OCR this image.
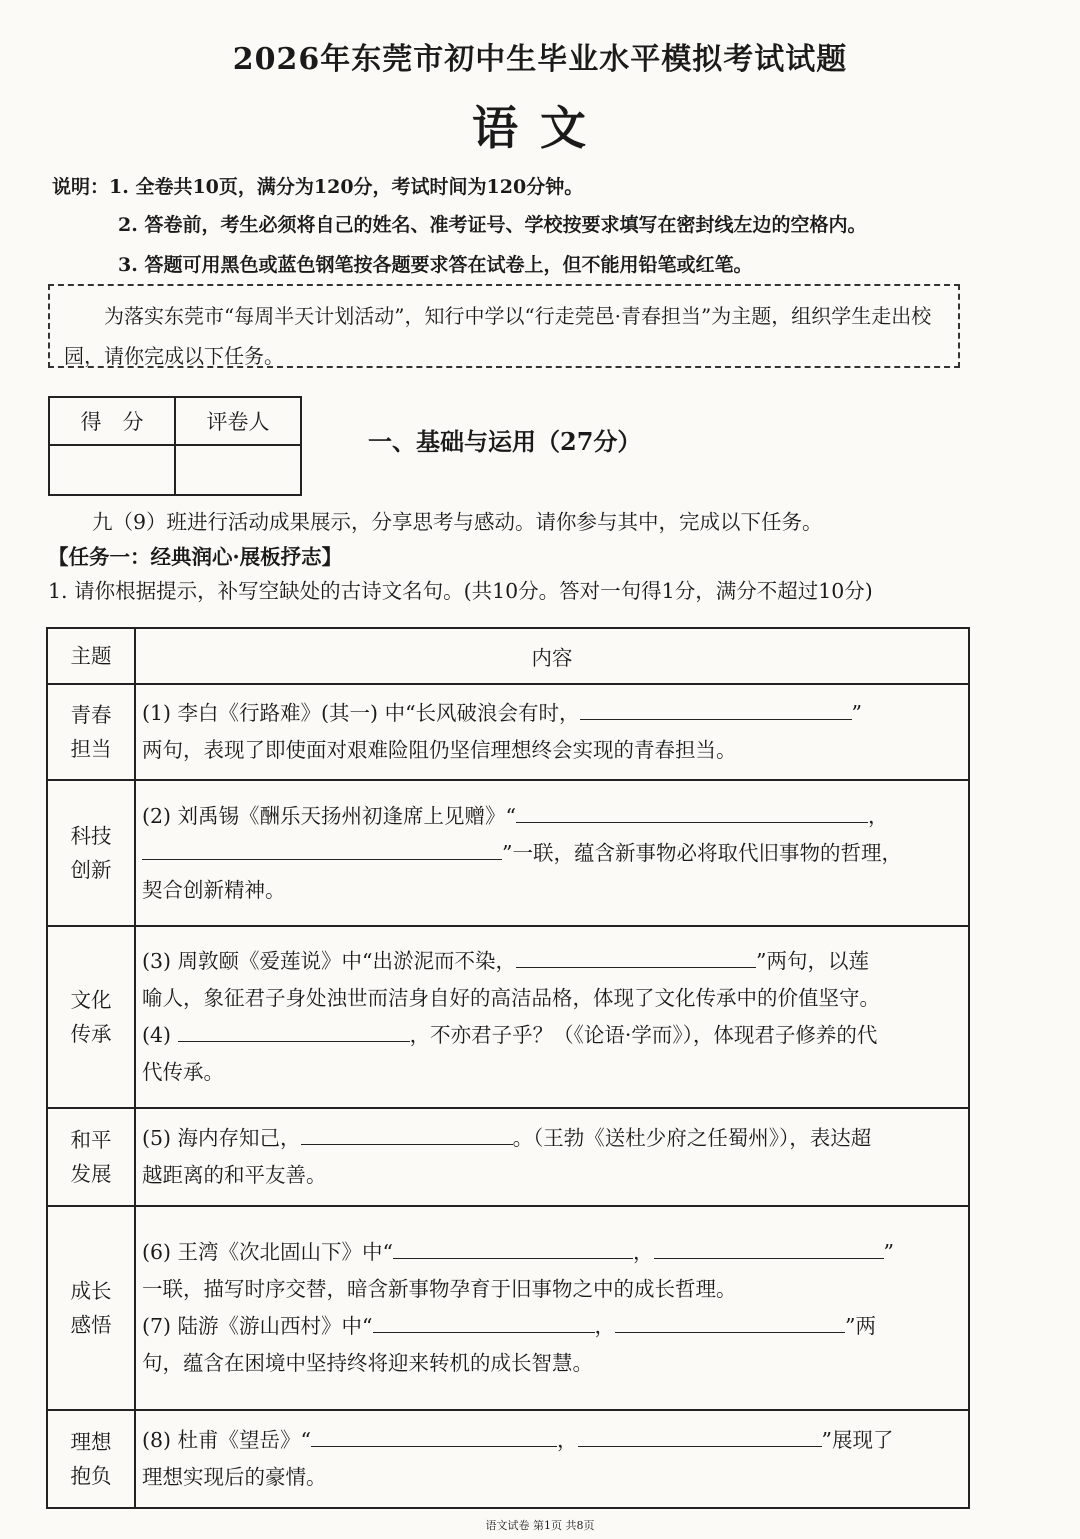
2026年东莞市初中生毕业水平模拟考试试题
语文
说明：1. 全卷共10页，满分为120分，考试时间为120分钟。
2. 答卷前，考生必须将自己的姓名、准考证号、学校按要求填写在密封线左边的空格内。
3. 答题可用黑色或蓝色钢笔按各题要求答在试卷上，但不能用铅笔或红笔。
为落实东莞市“每周半天计划活动”，知行中学以“行走莞邑·青春担当”为主题，组织学生走出校园，请你完成以下任务。
得　分	评卷人

一、基础与运用（27分）
九（9）班进行活动成果展示，分享思考与感动。请你参与其中，完成以下任务。
【任务一：经典润心·展板抒志】
1. 请你根据提示，补写空缺处的古诗文名句。(共10分。答对一句得1分，满分不超过10分)
主题	内容
青春
担当	(1) 李白《行路难》(其一) 中“长风破浪会有时， ”
两句，表现了即使面对艰难险阻仍坚信理想终会实现的青春担当。
科技
创新	(2) 刘禹锡《酬乐天扬州初逢席上见赠》“ ，
”一联，蕴含新事物必将取代旧事物的哲理，
契合创新精神。
文化
传承	(3) 周敦颐《爱莲说》中“出淤泥而不染， ”两句，以莲
喻人，象征君子身处浊世而洁身自好的高洁品格，体现了文化传承中的价值坚守。
(4) ，不亦君子乎？（《论语·学而》），体现君子修养的代
代传承。
和平
发展	(5) 海内存知己， 。（王勃《送杜少府之任蜀州》），表达超
越距离的和平友善。
成长
感悟	(6) 王湾《次北固山下》中“ ， ”
一联，描写时序交替，暗含新事物孕育于旧事物之中的成长哲理。
(7) 陆游《游山西村》中“ ， ”两
句，蕴含在困境中坚持终将迎来转机的成长智慧。
理想
抱负	(8) 杜甫《望岳》“ ， ”展现了
理想实现后的豪情。
语文试卷 第1页 共8页
